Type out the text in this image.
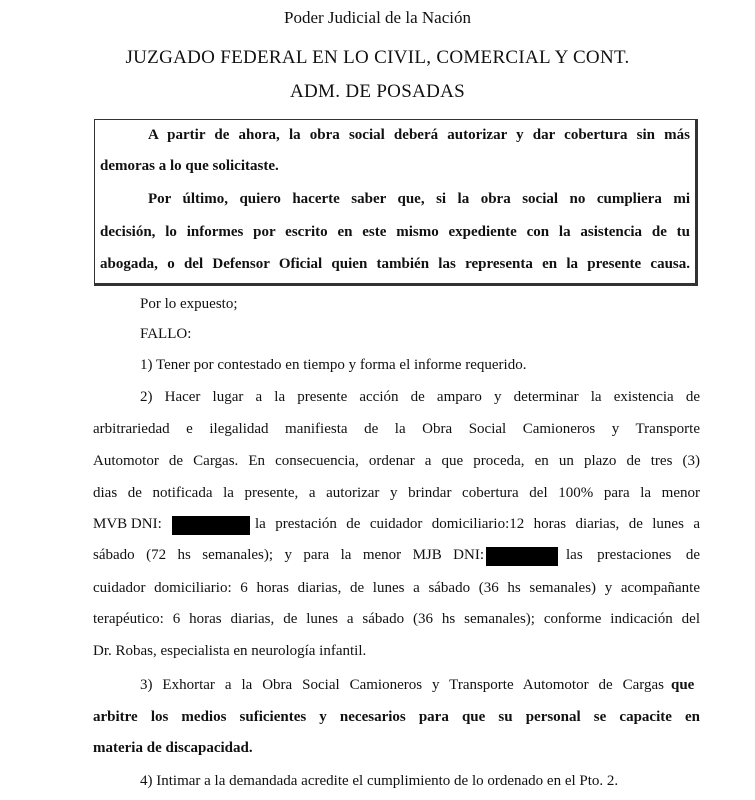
Poder Judicial de la Nación
JUZGADO FEDERAL EN LO CIVIL, COMERCIAL Y CONT.
ADM. DE POSADAS
A partir de ahora, la obra social deberá autorizar y dar cobertura sin más
demoras a lo que solicitaste.
Por último, quiero hacerte saber que, si la obra social no cumpliera mi
decisión, lo informes por escrito en este mismo expediente con la asistencia de tu
abogada, o del Defensor Oficial quien también las representa en la presente causa.
Por lo expuesto;
FALLO:
1) Tener por contestado en tiempo y forma el informe requerido.
2) Hacer lugar a la presente acción de amparo y determinar la existencia de
arbitrariedad e ilegalidad manifiesta de la Obra Social Camioneros y Transporte
Automotor de Cargas. En consecuencia, ordenar a que proceda, en un plazo de tres (3)
dias de notificada la presente, a autorizar y brindar cobertura del 100% para la menor
MVB DNI:	la prestación de cuidador domiciliario:12 horas diarias, de lunes a
sábado (72 hs semanales); y para la menor MJB DNI:	las prestaciones de
cuidador domiciliario: 6 horas diarias, de lunes a sábado (36 hs semanales) y acompañante
terapéutico: 6 horas diarias, de lunes a sábado (36 hs semanales); conforme indicación del
Dr. Robas, especialista en neurología infantil.
3) Exhortar a la Obra Social Camioneros y Transporte Automotor de Cargas que
arbitre los medios suficientes y necesarios para que su personal se capacite en
materia de discapacidad.
4) Intimar a la demandada acredite el cumplimiento de lo ordenado en el Pto. 2.
